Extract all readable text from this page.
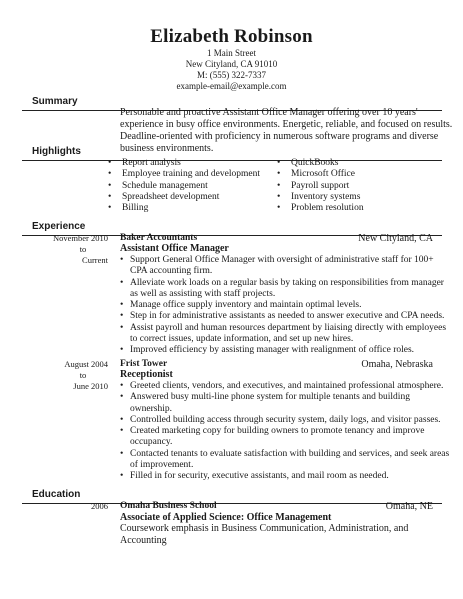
Elizabeth Robinson
1 Main Street
New Cityland, CA 91010
M: (555) 322-7337
example-email@example.com
Summary
Personable and proactive Assistant Office Manager offering over 10 years' experience in busy office environments. Energetic, reliable, and focused on results. Deadline-oriented with proficiency in numerous software programs and diverse business environments.
Highlights
• Report analysis
• Employee training and development
• Schedule management
• Spreadsheet development
• Billing
• QuickBooks
• Microsoft Office
• Payroll support
• Inventory systems
• Problem resolution
Experience
November 2010
to
Current
Baker Accountants	New Cityland, CA
Assistant Office Manager
• Support General Office Manager with oversight of administrative staff for 100+ CPA accounting firm.
• Alleviate work loads on a regular basis by taking on responsibilities from manager as well as assisting with staff projects.
• Manage office supply inventory and maintain optimal levels.
• Step in for administrative assistants as needed to answer executive and CPA needs.
• Assist payroll and human resources department by liaising directly with employees to correct issues, update information, and set up new hires.
• Improved efficiency by assisting manager with realignment of office roles.
August 2004
to
June 2010
Frist Tower	Omaha, Nebraska
Receptionist
• Greeted clients, vendors, and executives, and maintained professional atmosphere.
• Answered busy multi-line phone system for multiple tenants and building ownership.
• Controlled building access through security system, daily logs, and visitor passes.
• Created marketing copy for building owners to promote tenancy and improve occupancy.
• Contacted tenants to evaluate satisfaction with building and services, and seek areas of improvement.
• Filled in for security, executive assistants, and mail room as needed.
Education
2006 Omaha Business School	Omaha, NE
Associate of Applied Science: Office Management
Coursework emphasis in Business Communication, Administration, and Accounting
